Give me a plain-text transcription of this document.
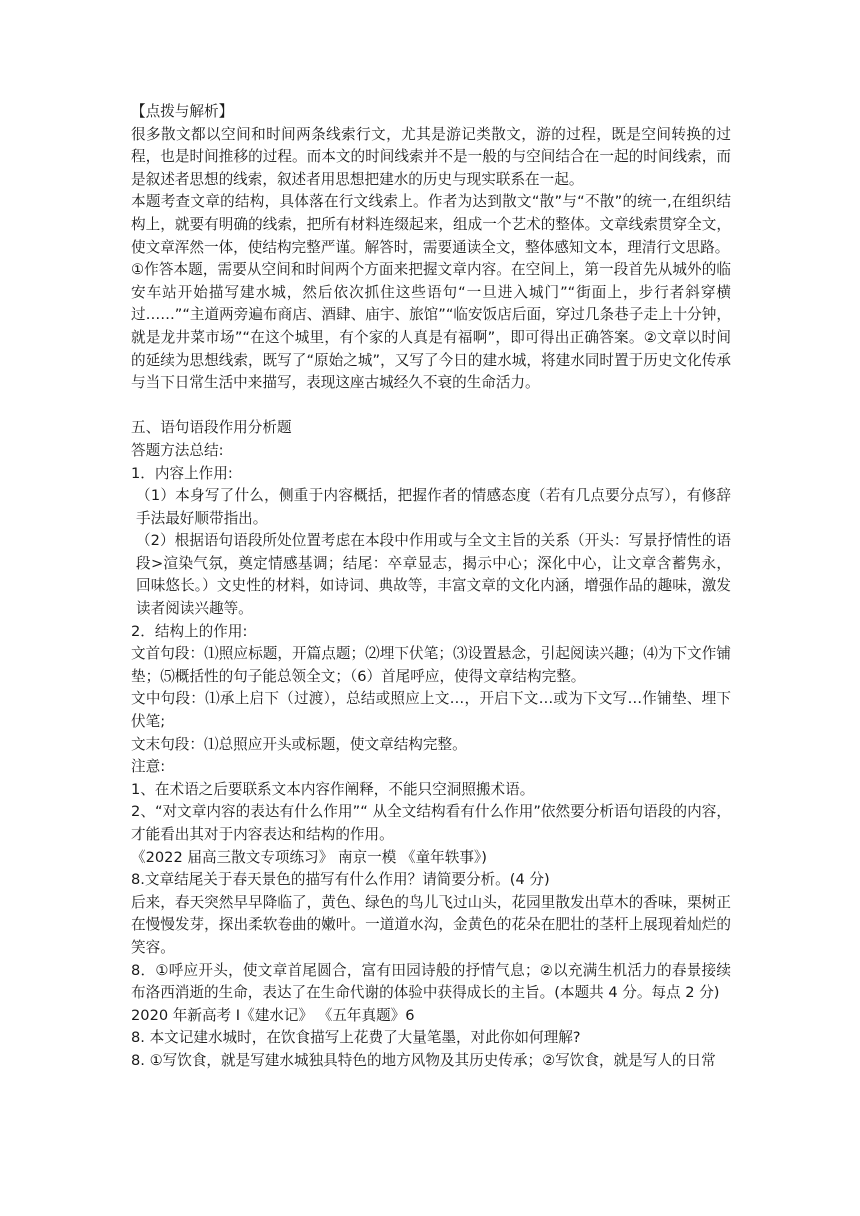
【点拨与解析】

很多散文都以空间和时间两条线索行文，尤其是游记类散文，游的过程，既是空间转换的过程，也是时间推移的过程。而本文的时间线索并不是一般的与空间结合在一起的时间线索，而是叙述者思想的线索，叙述者用思想把建水的历史与现实联系在一起。

本题考查文章的结构，具体落在行文线索上。作者为达到散文“散”与“不散”的统一,在组织结构上，就要有明确的线索，把所有材料连缀起来，组成一个艺术的整体。文章线索贯穿全文，使文章浑然一体，使结构完整严谨。解答时，需要通读全文，整体感知文本，理清行文思路。

①作答本题，需要从空间和时间两个方面来把握文章内容。在空间上，第一段首先从城外的临安车站开始描写建水城，然后依次抓住这些语句“一旦进入城门”“街面上，步行者斜穿横过……”“主道两旁遍布商店、酒肆、庙宇、旅馆”“临安饭店后面，穿过几条巷子走上十分钟，就是龙井菜市场”“在这个城里，有个家的人真是有福啊”，即可得出正确答案。②文章以时间的延续为思想线索，既写了“原始之城”，又写了今日的建水城，将建水同时置于历史文化传承与当下日常生活中来描写，表现这座古城经久不衰的生命活力。

五、语句语段作用分析题

答题方法总结:

1．内容上作用:

（1）本身写了什么，侧重于内容概括，把握作者的情感态度（若有几点要分点写），有修辞手法最好顺带指出。

（2）根据语句语段所处位置考虑在本段中作用或与全文主旨的关系（开头：写景抒情性的语段>渲染气氛，奠定情感基调；结尾：卒章显志，揭示中心；深化中心，让文章含蓄隽永，回味悠长。）文史性的材料，如诗词、典故等，丰富文章的文化内涵，增强作品的趣味，激发读者阅读兴趣等。

2．结构上的作用:

文首句段：⑴照应标题，开篇点题；⑵埋下伏笔；⑶设置悬念，引起阅读兴趣；⑷为下文作铺垫；⑸概括性的句子能总领全文；（6）首尾呼应，使得文章结构完整。

文中句段：⑴承上启下（过渡），总结或照应上文…，开启下文…或为下文写…作铺垫、埋下伏笔;

文末句段：⑴总照应开头或标题，使文章结构完整。

注意:

1、在术语之后要联系文本内容作阐释，不能只空洞照搬术语。

2、“对文章内容的表达有什么作用”“ 从全文结构看有什么作用”依然要分析语句语段的内容，才能看出其对于内容表达和结构的作用。

《2022 届高三散文专项练习》 南京一模 《童年轶事》)

8.文章结尾关于春天景色的描写有什么作用？请简要分析。(4 分)

后来，春天突然早早降临了，黄色、绿色的鸟儿飞过山头，花园里散发出草木的香味，栗树正在慢慢发芽，探出柔软卷曲的嫩叶。一道道水沟，金黄色的花朵在肥壮的茎杆上展现着灿烂的笑容。

8．①呼应开头，使文章首尾圆合，富有田园诗般的抒情气息；②以充满生机活力的春景接续布洛西消逝的生命，表达了在生命代谢的体验中获得成长的主旨。(本题共 4 分。每点 2 分)

2020 年新高考 I《建水记》 《五年真题》6

8. 本文记建水城时，在饮食描写上花费了大量笔墨，对此你如何理解?

8. ①写饮食，就是写建水城独具特色的地方风物及其历史传承；②写饮食，就是写人的日常
